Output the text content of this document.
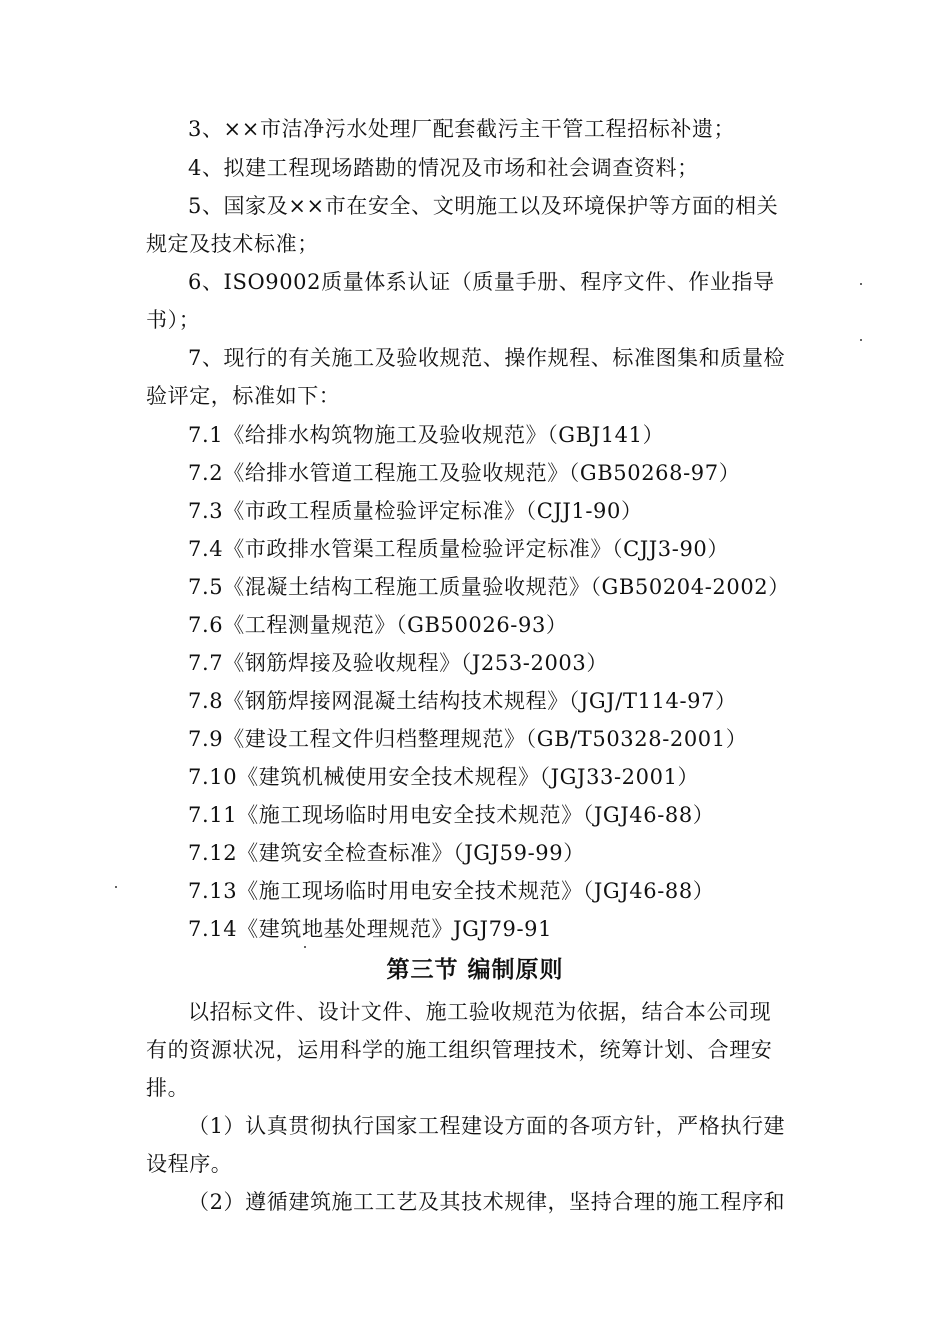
3、××市洁净污水处理厂配套截污主干管工程招标补遗；
4、拟建工程现场踏勘的情况及市场和社会调查资料；
5、国家及××市在安全、文明施工以及环境保护等方面的相关
规定及技术标准；
6、ISO9002质量体系认证（质量手册、程序文件、作业指导
书）；
7、现行的有关施工及验收规范、操作规程、标准图集和质量检
验评定，标准如下：
7.1《给排水构筑物施工及验收规范》（GBJ141）
7.2《给排水管道工程施工及验收规范》（GB50268-97）
7.3《市政工程质量检验评定标准》（CJJ1-90）
7.4《市政排水管渠工程质量检验评定标准》（CJJ3-90）
7.5《混凝土结构工程施工质量验收规范》（GB50204-2002）
7.6《工程测量规范》（GB50026-93）
7.7《钢筋焊接及验收规程》（J253-2003）
7.8《钢筋焊接网混凝土结构技术规程》（JGJ/T114-97）
7.9《建设工程文件归档整理规范》（GB/T50328-2001）
7.10《建筑机械使用安全技术规程》（JGJ33-2001）
7.11《施工现场临时用电安全技术规范》（JGJ46-88）
7.12《建筑安全检查标准》（JGJ59-99）
7.13《施工现场临时用电安全技术规范》（JGJ46-88）
7.14《建筑地基处理规范》JGJ79-91
第三节 编制原则
以招标文件、设计文件、施工验收规范为依据，结合本公司现
有的资源状况，运用科学的施工组织管理技术，统筹计划、合理安
排。
（1）认真贯彻执行国家工程建设方面的各项方针，严格执行建
设程序。
（2）遵循建筑施工工艺及其技术规律，坚持合理的施工程序和
